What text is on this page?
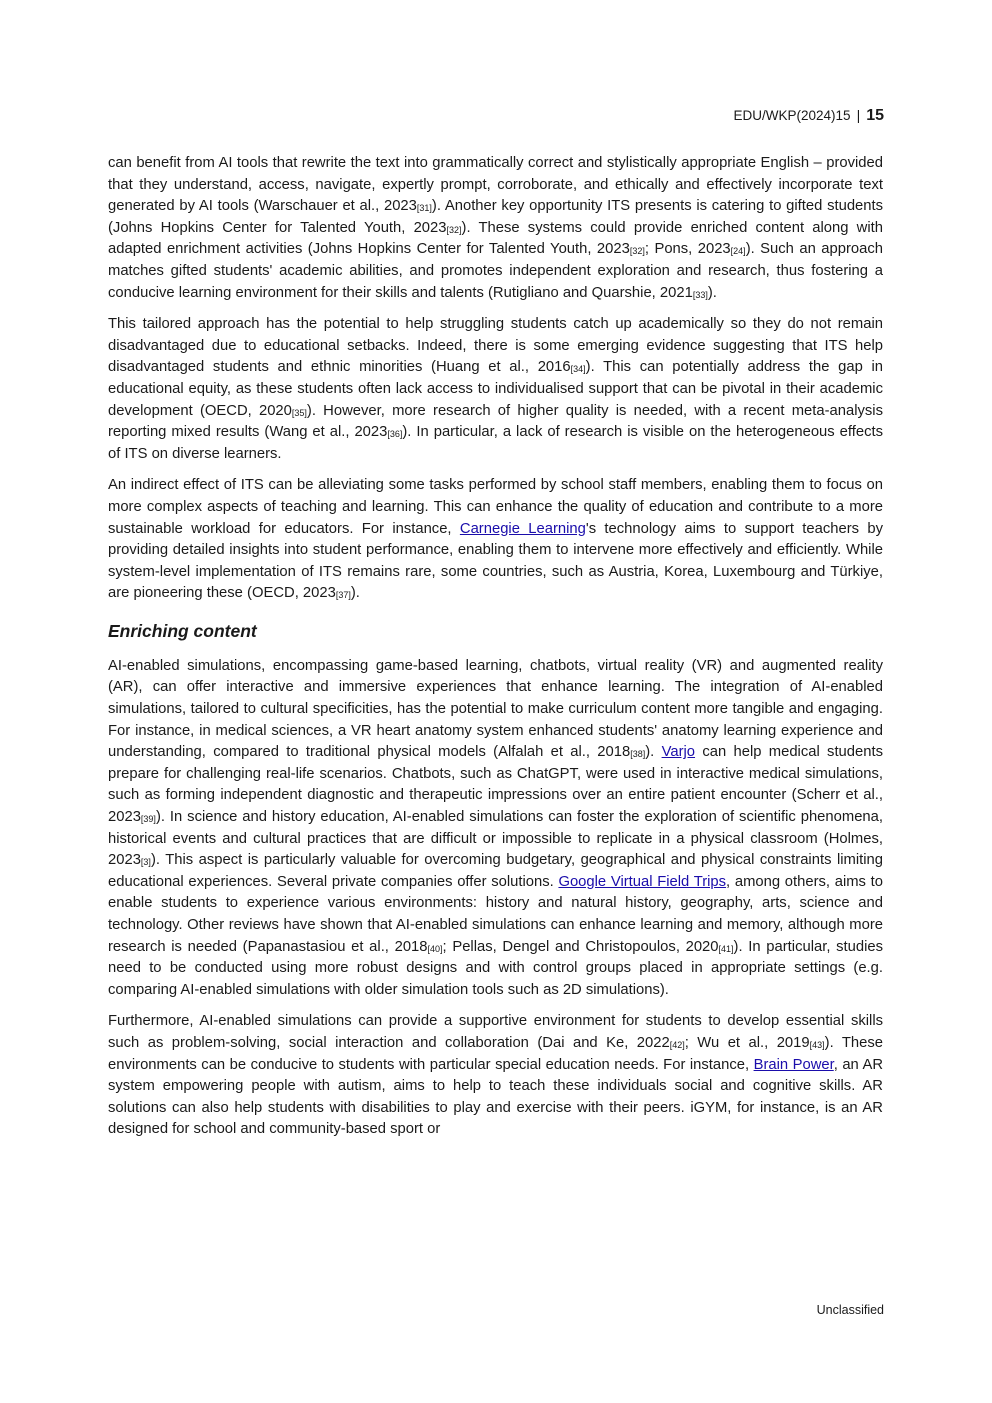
EDU/WKP(2024)15 | 15

can benefit from AI tools that rewrite the text into grammatically correct and stylistically appropriate English – provided that they understand, access, navigate, expertly prompt, corroborate, and ethically and effectively incorporate text generated by AI tools (Warschauer et al., $2023_{[31]}$). Another key opportunity ITS presents is catering to gifted students (Johns Hopkins Center for Talented Youth, $2023_{[32]}$). These systems could provide enriched content along with adapted enrichment activities (Johns Hopkins Center for Talented Youth, $2023_{[32]}$; Pons, $2023_{[24]}$). Such an approach matches gifted students' academic abilities, and promotes independent exploration and research, thus fostering a conducive learning environment for their skills and talents (Rutigliano and Quarshie, $2021_{[33]}$).

This tailored approach has the potential to help struggling students catch up academically so they do not remain disadvantaged due to educational setbacks. Indeed, there is some emerging evidence suggesting that ITS help disadvantaged students and ethnic minorities (Huang et al., $2016_{[34]}$). This can potentially address the gap in educational equity, as these students often lack access to individualised support that can be pivotal in their academic development (OECD, $2020_{[35]}$). However, more research of higher quality is needed, with a recent meta-analysis reporting mixed results (Wang et al., $2023_{[36]}$). In particular, a lack of research is visible on the heterogeneous effects of ITS on diverse learners.

An indirect effect of ITS can be alleviating some tasks performed by school staff members, enabling them to focus on more complex aspects of teaching and learning. This can enhance the quality of education and contribute to a more sustainable workload for educators. For instance, Carnegie Learning's technology aims to support teachers by providing detailed insights into student performance, enabling them to intervene more effectively and efficiently. While system-level implementation of ITS remains rare, some countries, such as Austria, Korea, Luxembourg and Türkiye, are pioneering these (OECD, $2023_{[37]}$).

Enriching content

AI-enabled simulations, encompassing game-based learning, chatbots, virtual reality (VR) and augmented reality (AR), can offer interactive and immersive experiences that enhance learning. The integration of AI-enabled simulations, tailored to cultural specificities, has the potential to make curriculum content more tangible and engaging. For instance, in medical sciences, a VR heart anatomy system enhanced students' anatomy learning experience and understanding, compared to traditional physical models (Alfalah et al., $2018_{[38]}$). Varjo can help medical students prepare for challenging real-life scenarios. Chatbots, such as ChatGPT, were used in interactive medical simulations, such as forming independent diagnostic and therapeutic impressions over an entire patient encounter (Scherr et al., $2023_{[39]}$). In science and history education, AI-enabled simulations can foster the exploration of scientific phenomena, historical events and cultural practices that are difficult or impossible to replicate in a physical classroom (Holmes, $2023_{[3]}$). This aspect is particularly valuable for overcoming budgetary, geographical and physical constraints limiting educational experiences. Several private companies offer solutions. Google Virtual Field Trips, among others, aims to enable students to experience various environments: history and natural history, geography, arts, science and technology. Other reviews have shown that AI-enabled simulations can enhance learning and memory, although more research is needed (Papanastasiou et al., $2018_{[40]}$; Pellas, Dengel and Christopoulos, $2020_{[41]}$). In particular, studies need to be conducted using more robust designs and with control groups placed in appropriate settings (e.g. comparing AI-enabled simulations with older simulation tools such as 2D simulations).

Furthermore, AI-enabled simulations can provide a supportive environment for students to develop essential skills such as problem-solving, social interaction and collaboration (Dai and Ke, $2022_{[42]}$; Wu et al., $2019_{[43]}$). These environments can be conducive to students with particular special education needs. For instance, Brain Power, an AR system empowering people with autism, aims to help to teach these individuals social and cognitive skills. AR solutions can also help students with disabilities to play and exercise with their peers. iGYM, for instance, is an AR designed for school and community-based sport or

Unclassified
